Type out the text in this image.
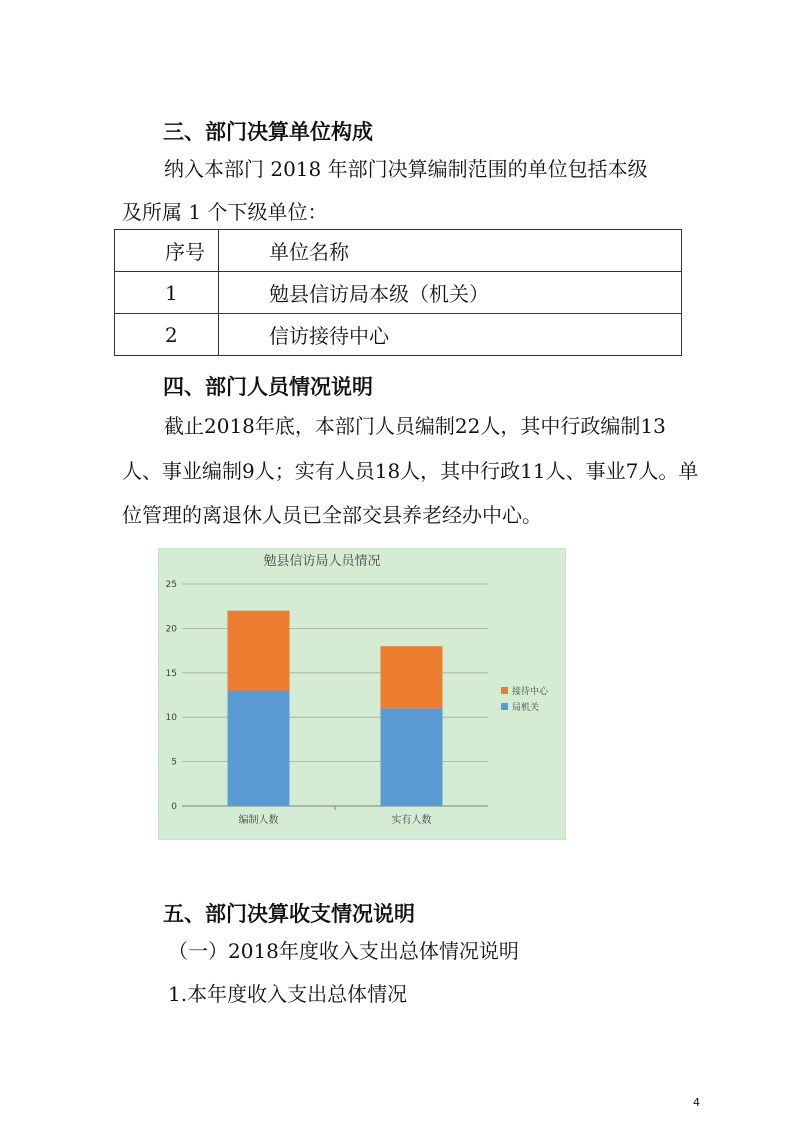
三、部门决算单位构成
纳入本部门 2018 年部门决算编制范围的单位包括本级
及所属 1 个下级单位：
序号	单位名称
1	勉县信访局本级（机关）
2	信访接待中心
四、部门人员情况说明
截止2018年底，本部门人员编制22人，其中行政编制13
人、事业编制9人；实有人员18人，其中行政11人、事业7人。单
位管理的离退休人员已全部交县养老经办中心。
勉县信访局人员情况
0
5
10
15
20
25
编制人数	实有人数
接待中心
局机关
五、部门决算收支情况说明
（一）2018年度收入支出总体情况说明
1.本年度收入支出总体情况
4
